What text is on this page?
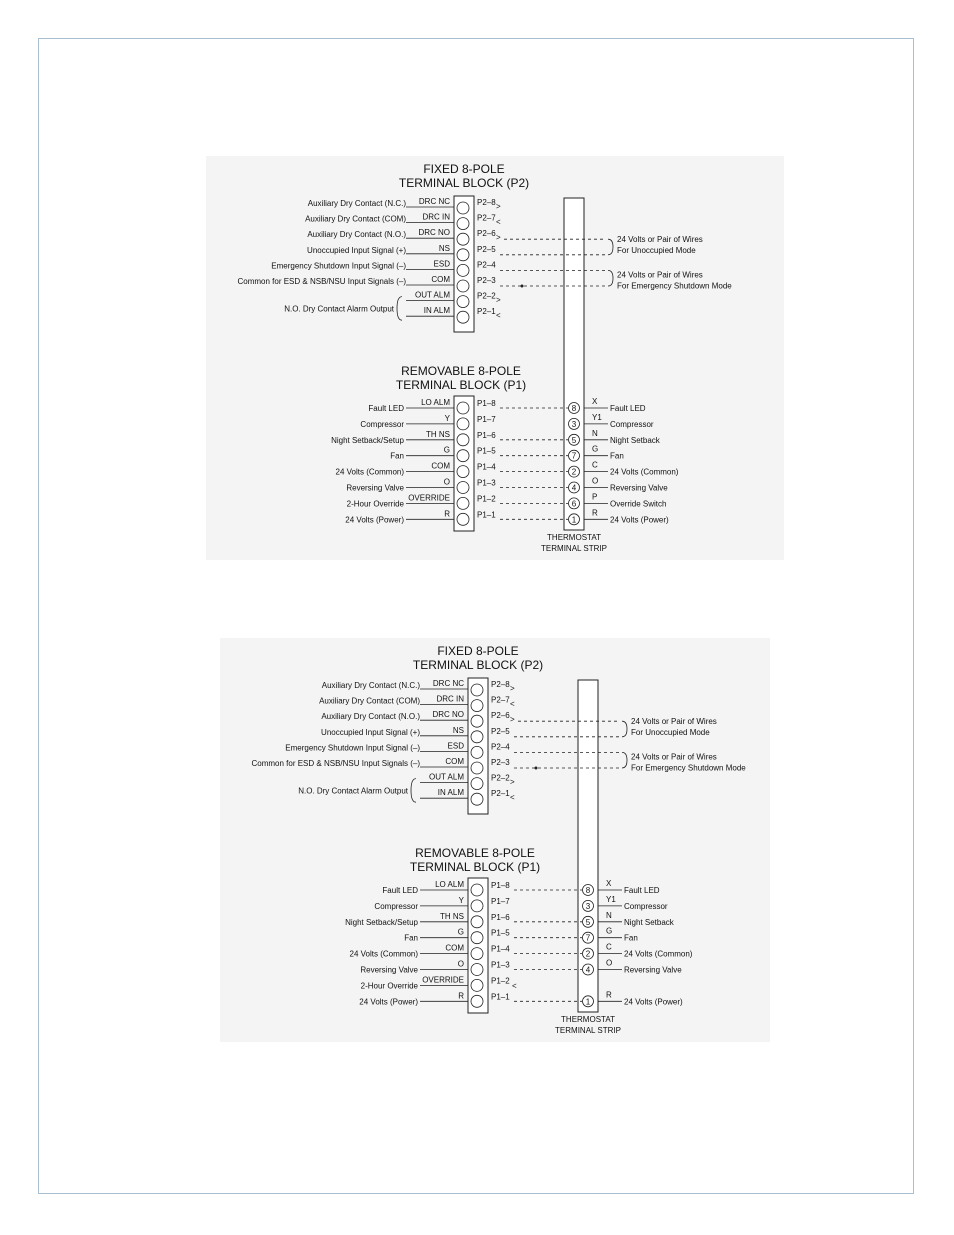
FIXED 8-POLE
TERMINAL BLOCK (P2)
Auxiliary Dry Contact (N.C.) DRC NC	P2–8 >
Auxiliary Dry Contact (COM) DRC IN	P2–7 <
Auxiliary Dry Contact (N.O.) DRC NO	P2–6 >
Unoccupied Input Signal (+)	NS	P2–5
Emergency Shutdown Input Signal (–)	ESD	P2–4
Common for ESD & NSB/NSU Input Signals (–)	COM	P2–3
OUT ALM	P2–2 >
IN ALM	P2–1 <
N.O. Dry Contact Alarm Output
24 Volts or Pair of Wires
For Unoccupied Mode
24 Volts or Pair of Wires
For Emergency Shutdown Mode
REMOVABLE 8-POLE
TERMINAL BLOCK (P1)
Fault LED
LO ALM	P1–8
8
X
Fault LED
Compressor
Y	P1–7
3
Y1
Compressor
Night Setback/Setup
TH NS	P1–6
5
N
Night Setback
Fan
G	P1–5
7
G
Fan
24 Volts (Common)
COM	P1–4
2
C
24 Volts (Common)
Reversing Valve
O	P1–3
4
O
Reversing Valve
2-Hour Override
OVERRIDE	P1–2
6
P
Override Switch
24 Volts (Power)
R	P1–1
1
R
24 Volts (Power)
THERMOSTAT
TERMINAL STRIP
FIXED 8-POLE
TERMINAL BLOCK (P2)
Auxiliary Dry Contact (N.C.) DRC NC	P2–8 >
Auxiliary Dry Contact (COM) DRC IN	P2–7 <
Auxiliary Dry Contact (N.O.) DRC NO	P2–6 >
Unoccupied Input Signal (+)	NS	P2–5
Emergency Shutdown Input Signal (–)	ESD	P2–4
Common for ESD & NSB/NSU Input Signals (–)	COM	P2–3
OUT ALM	P2–2 >
IN ALM	P2–1 <
N.O. Dry Contact Alarm Output
24 Volts or Pair of Wires
For Unoccupied Mode
24 Volts or Pair of Wires
For Emergency Shutdown Mode
REMOVABLE 8-POLE
TERMINAL BLOCK (P1)
Fault LED
LO ALM	P1–8
8
X
Fault LED
Compressor
Y	P1–7
3
Y1
Compressor
Night Setback/Setup
TH NS	P1–6
5
N
Night Setback
Fan
G	P1–5
7
G
Fan
24 Volts (Common)
COM	P1–4
2
C
24 Volts (Common)
Reversing Valve
O	P1–3
4
O
Reversing Valve
2-Hour Override
OVERRIDE	P1–2
<
24 Volts (Power)
R	P1–1
1
R
24 Volts (Power)
THERMOSTAT
TERMINAL STRIP
